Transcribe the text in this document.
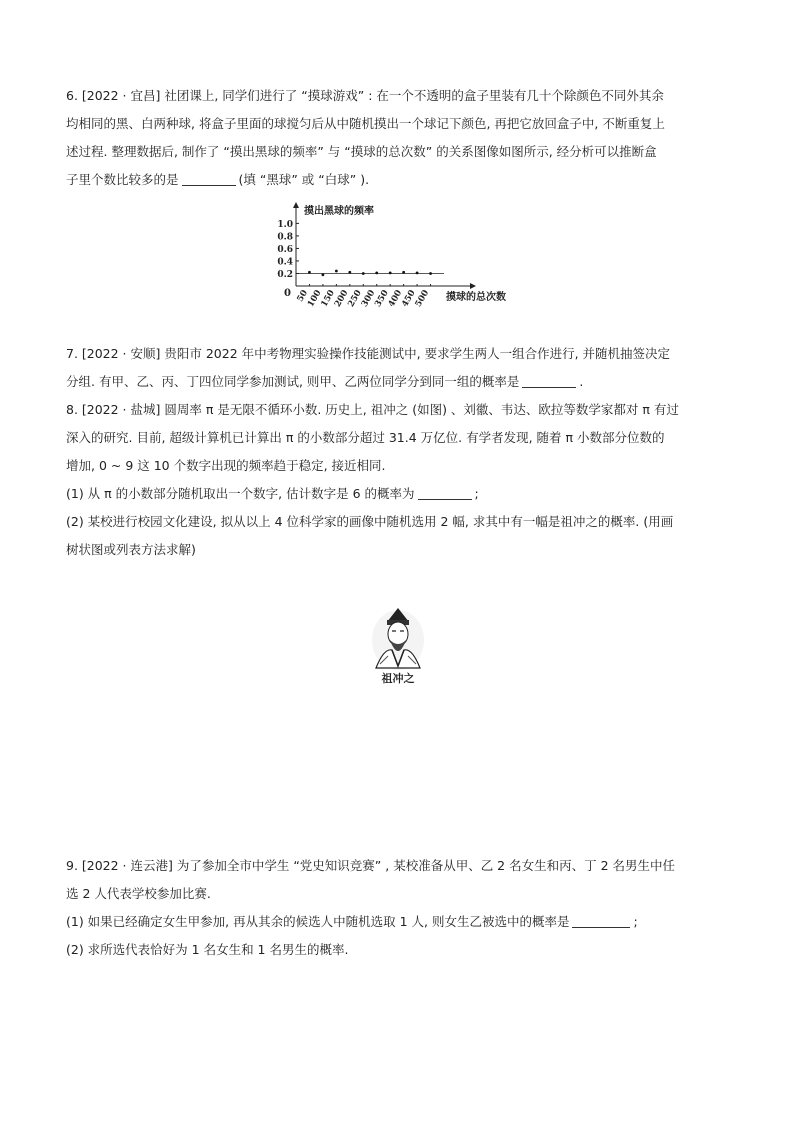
6. [2022 · 宜昌] 社团课上, 同学们进行了 “摸球游戏” : 在一个不透明的盒子里装有几十个除颜色不同外其余

均相同的黑、白两种球, 将盒子里面的球搅匀后从中随机摸出一个球记下颜色, 再把它放回盒子中, 不断重复上

述过程. 整理数据后, 制作了 “摸出黑球的频率” 与 “摸球的总次数” 的关系图像如图所示, 经分析可以推断盒

子里个数比较多的是	(填 “黑球” 或 “白球” ).

0.2
0.4
0.6
0.8
1.0
50
100
150
200
250
300
350
400
450
500
摸出黑球的频率
摸球的总次数
0

7. [2022 · 安顺] 贵阳市 2022 年中考物理实验操作技能测试中, 要求学生两人一组合作进行, 并随机抽签决定

分组. 有甲、乙、丙、丁四位同学参加测试, 则甲、乙两位同学分到同一组的概率是	.

8. [2022 · 盐城] 圆周率 π 是无限不循环小数. 历史上, 祖冲之 (如图) 、刘徽、韦达、欧拉等数学家都对 π 有过

深入的研究. 目前, 超级计算机已计算出 π 的小数部分超过 31.4 万亿位. 有学者发现, 随着 π 小数部分位数的

增加, 0 ~ 9 这 10 个数字出现的频率趋于稳定, 接近相同.

(1) 从 π 的小数部分随机取出一个数字, 估计数字是 6 的概率为	;

(2) 某校进行校园文化建设, 拟从以上 4 位科学家的画像中随机选用 2 幅, 求其中有一幅是祖冲之的概率. (用画

树状图或列表方法求解)

祖冲之

9. [2022 · 连云港] 为了参加全市中学生 “党史知识竞赛” , 某校准备从甲、乙 2 名女生和丙、丁 2 名男生中任

选 2 人代表学校参加比赛.

(1) 如果已经确定女生甲参加, 再从其余的候选人中随机选取 1 人, 则女生乙被选中的概率是	;

(2) 求所选代表恰好为 1 名女生和 1 名男生的概率.
